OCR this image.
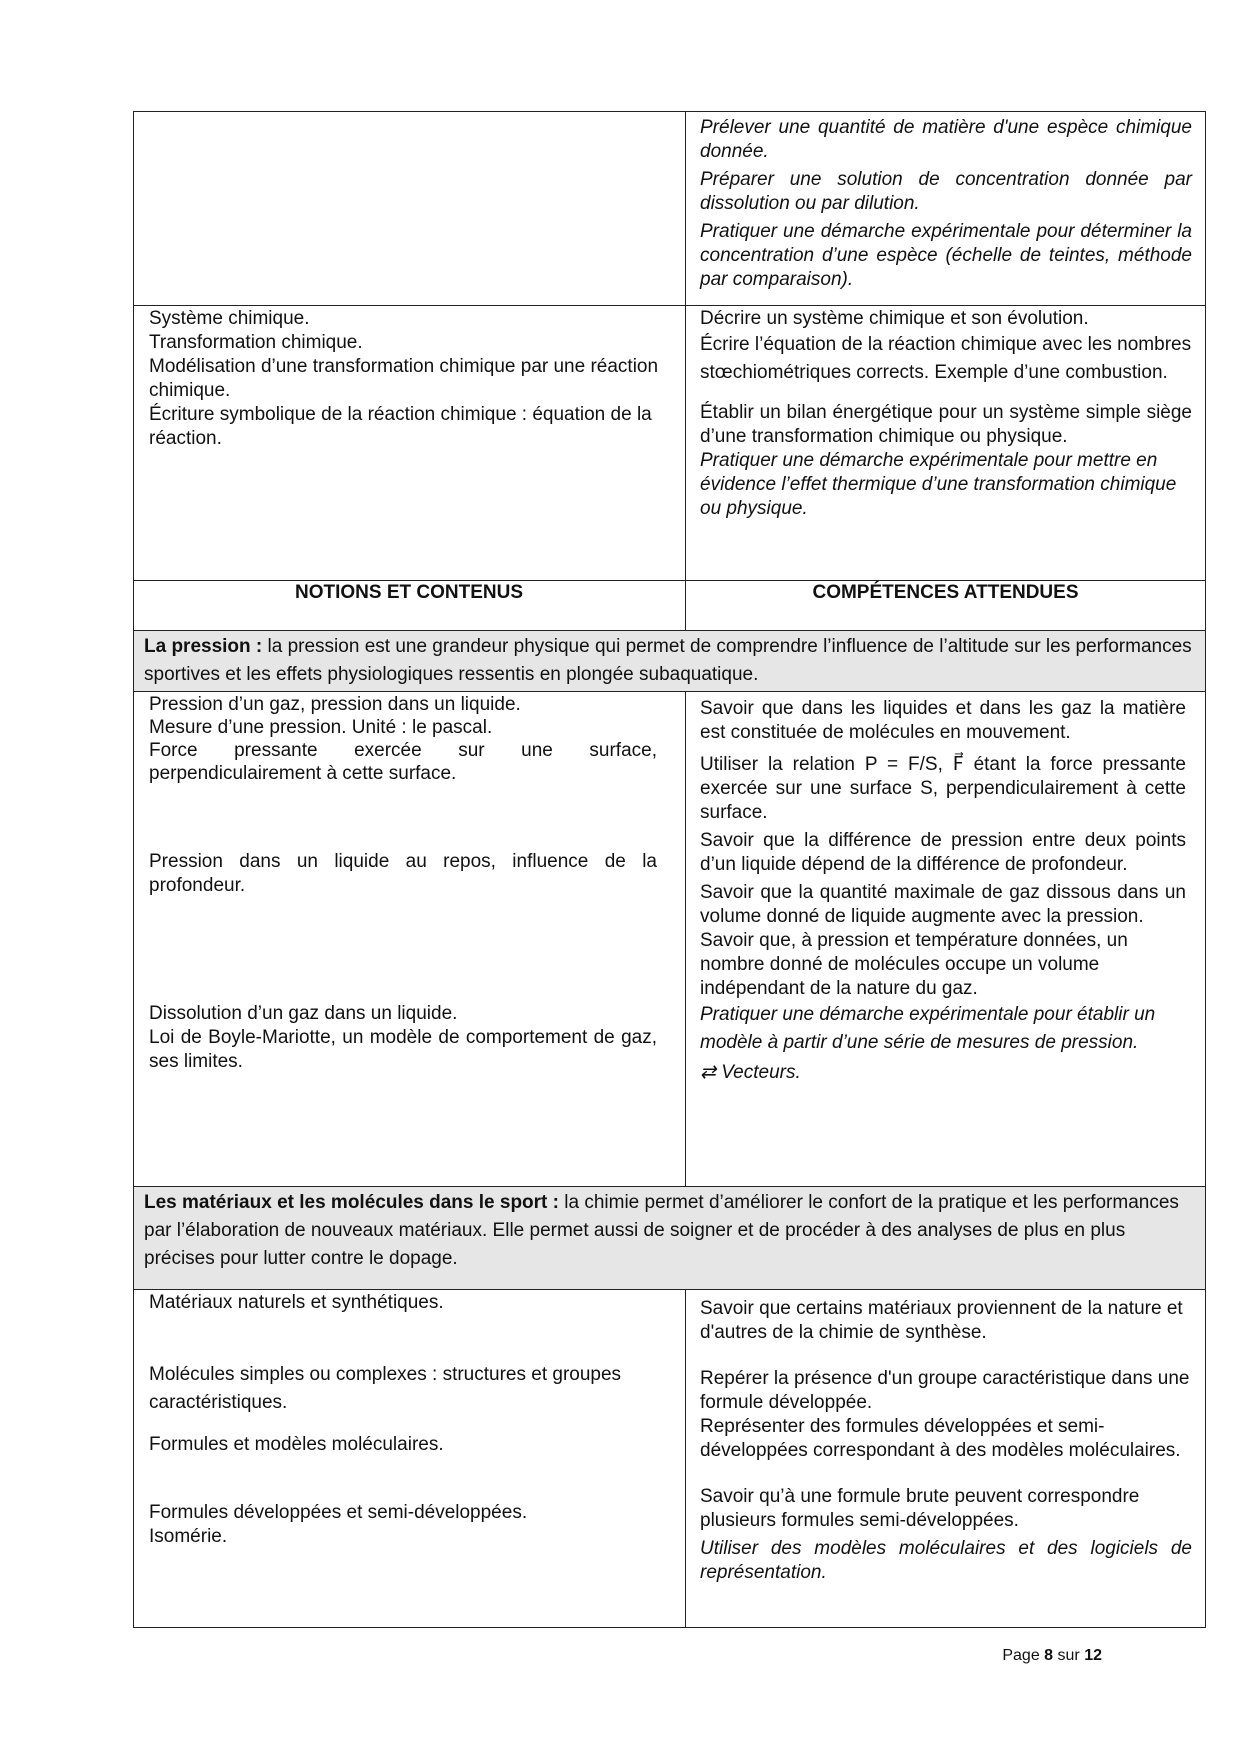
Prélever une quantité de matière d'une espèce chimique donnée.

Préparer une solution de concentration donnée par dissolution ou par dilution.

Pratiquer une démarche expérimentale pour déterminer la concentration d’une espèce (échelle de teintes, méthode par comparaison).

Système chimique.

Transformation chimique.

Modélisation d’une transformation chimique par une réaction chimique.

Écriture symbolique de la réaction chimique : équation de la réaction.

Décrire un système chimique et son évolution.

Écrire l’équation de la réaction chimique avec les nombres stœchiométriques corrects. Exemple d’une combustion.

Établir un bilan énergétique pour un système simple siège d’une transformation chimique ou physique.

Pratiquer une démarche expérimentale pour mettre en évidence l’effet thermique d’une transformation chimique ou physique.

NOTIONS ET CONTENUS	COMPÉTENCES ATTENDUES
La pression : la pression est une grandeur physique qui permet de comprendre l’influence de l’altitude sur les performances sportives et les effets physiologiques ressentis en plongée subaquatique.

Pression d’un gaz, pression dans un liquide.

Mesure d’une pression. Unité : le pascal.

Force pressante exercée sur une surface, perpendiculairement à cette surface.

Pression dans un liquide au repos, influence de la profondeur.

Dissolution d’un gaz dans un liquide.

Loi de Boyle-Mariotte, un modèle de comportement de gaz, ses limites.

Savoir que dans les liquides et dans les gaz la matière est constituée de molécules en mouvement.

Utiliser la relation P = F/S, F⃗ étant la force pressante exercée sur une surface S, perpendiculairement à cette surface.

Savoir que la différence de pression entre deux points d’un liquide dépend de la différence de profondeur.

Savoir que la quantité maximale de gaz dissous dans un volume donné de liquide augmente avec la pression.

Savoir que, à pression et température données, un nombre donné de molécules occupe un volume indépendant de la nature du gaz.

Pratiquer une démarche expérimentale pour établir un modèle à partir d’une série de mesures de pression.

⇄ Vecteurs.

Les matériaux et les molécules dans le sport : la chimie permet d’améliorer le confort de la pratique et les performances par l’élaboration de nouveaux matériaux. Elle permet aussi de soigner et de procéder à des analyses de plus en plus précises pour lutter contre le dopage.

Matériaux naturels et synthétiques.

Molécules simples ou complexes : structures et groupes caractéristiques.

Formules et modèles moléculaires.

Formules développées et semi-développées.

Isomérie.

Savoir que certains matériaux proviennent de la nature et d'autres de la chimie de synthèse.

Repérer la présence d'un groupe caractéristique dans une formule développée.

Représenter des formules développées et semi-développées correspondant à des modèles moléculaires.

Savoir qu’à une formule brute peuvent correspondre plusieurs formules semi-développées.

Utiliser des modèles moléculaires et des logiciels de représentation.

Page 8 sur 12
